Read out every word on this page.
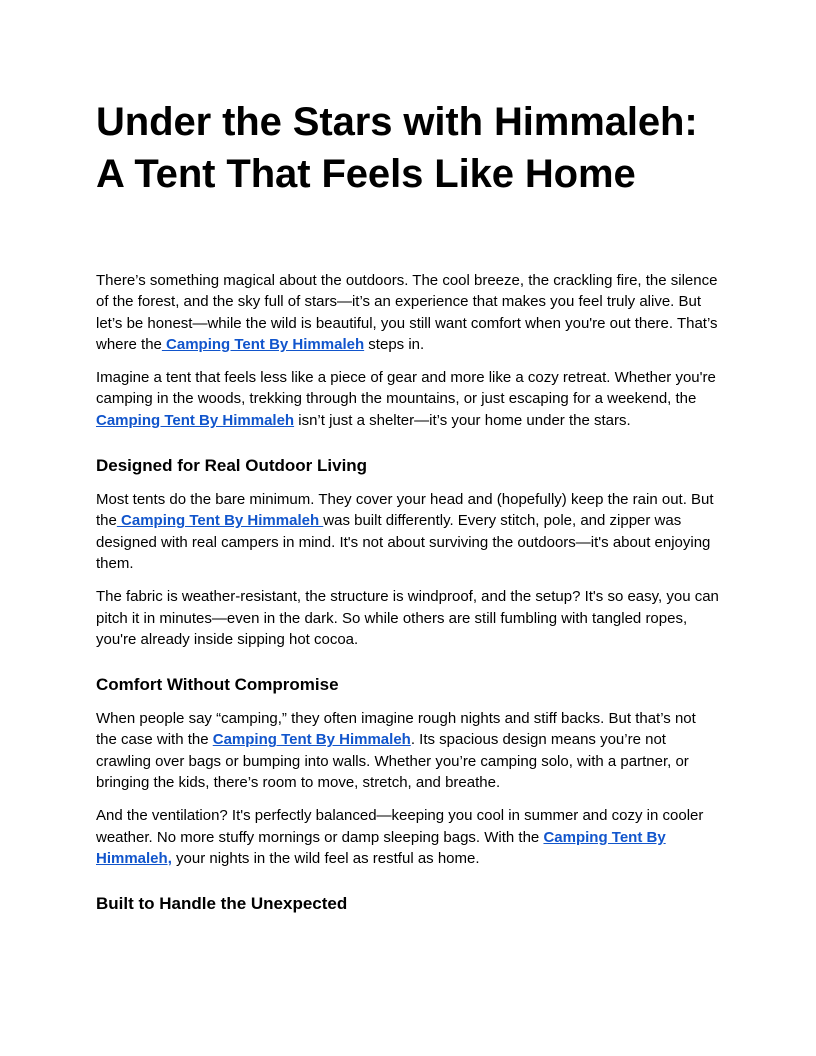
Under the Stars with Himmaleh:
A Tent That Feels Like Home

There’s something magical about the outdoors. The cool breeze, the crackling fire, the silence of the forest, and the sky full of stars—it’s an experience that makes you feel truly alive. But let’s be honest—while the wild is beautiful, you still want comfort when you're out there. That’s where the Camping Tent By Himmaleh steps in.

Imagine a tent that feels less like a piece of gear and more like a cozy retreat. Whether you're camping in the woods, trekking through the mountains, or just escaping for a weekend, the Camping Tent By Himmaleh isn’t just a shelter—it’s your home under the stars.

Designed for Real Outdoor Living

Most tents do the bare minimum. They cover your head and (hopefully) keep the rain out. But the Camping Tent By Himmaleh was built differently. Every stitch, pole, and zipper was designed with real campers in mind. It's not about surviving the outdoors—it's about enjoying them.

The fabric is weather-resistant, the structure is windproof, and the setup? It's so easy, you can pitch it in minutes—even in the dark. So while others are still fumbling with tangled ropes, you're already inside sipping hot cocoa.

Comfort Without Compromise

When people say “camping,” they often imagine rough nights and stiff backs. But that’s not the case with the Camping Tent By Himmaleh. Its spacious design means you’re not crawling over bags or bumping into walls. Whether you’re camping solo, with a partner, or bringing the kids, there’s room to move, stretch, and breathe.

And the ventilation? It's perfectly balanced—keeping you cool in summer and cozy in cooler weather. No more stuffy mornings or damp sleeping bags. With the Camping Tent By Himmaleh, your nights in the wild feel as restful as home.

Built to Handle the Unexpected
